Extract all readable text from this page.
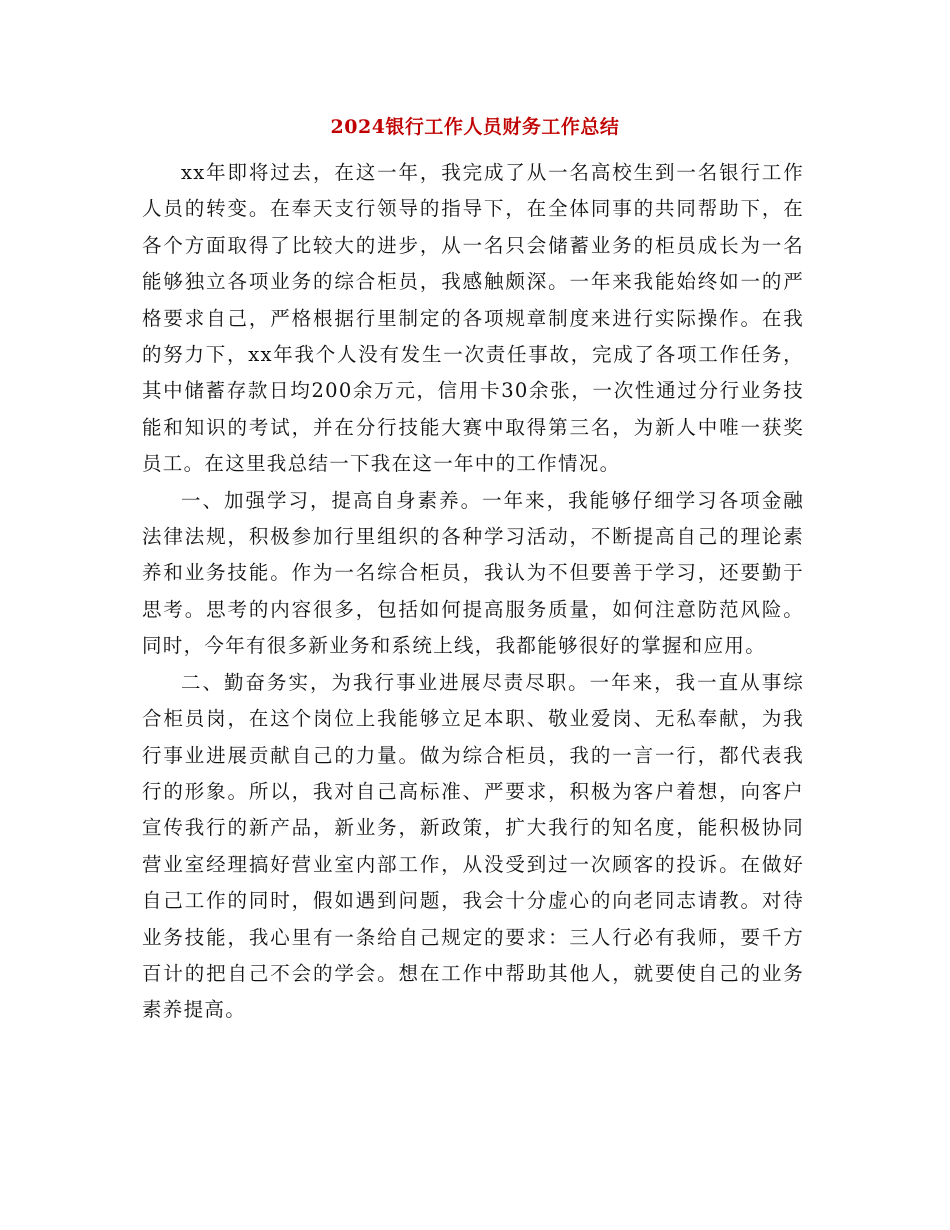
2024银行工作人员财务工作总结

xx年即将过去，在这一年，我完成了从一名高校生到一名银行工作人员的转变。在奉天支行领导的指导下，在全体同事的共同帮助下，在各个方面取得了比较大的进步，从一名只会储蓄业务的柜员成长为一名能够独立各项业务的综合柜员，我感触颇深。一年来我能始终如一的严格要求自己，严格根据行里制定的各项规章制度来进行实际操作。在我的努力下，xx年我个人没有发生一次责任事故，完成了各项工作任务，其中储蓄存款日均200余万元，信用卡30余张，一次性通过分行业务技能和知识的考试，并在分行技能大赛中取得第三名，为新人中唯一获奖员工。在这里我总结一下我在这一年中的工作情况。

一、加强学习，提高自身素养。一年来，我能够仔细学习各项金融法律法规，积极参加行里组织的各种学习活动，不断提高自己的理论素养和业务技能。作为一名综合柜员，我认为不但要善于学习，还要勤于思考。思考的内容很多，包括如何提高服务质量，如何注意防范风险。同时，今年有很多新业务和系统上线，我都能够很好的掌握和应用。

二、勤奋务实，为我行事业进展尽责尽职。一年来，我一直从事综合柜员岗，在这个岗位上我能够立足本职、敬业爱岗、无私奉献，为我行事业进展贡献自己的力量。做为综合柜员，我的一言一行，都代表我行的形象。所以，我对自己高标准、严要求，积极为客户着想，向客户宣传我行的新产品，新业务，新政策，扩大我行的知名度，能积极协同营业室经理搞好营业室内部工作，从没受到过一次顾客的投诉。在做好自己工作的同时，假如遇到问题，我会十分虚心的向老同志请教。对待业务技能，我心里有一条给自己规定的要求：三人行必有我师，要千方百计的把自己不会的学会。想在工作中帮助其他人，就要使自己的业务素养提高。
